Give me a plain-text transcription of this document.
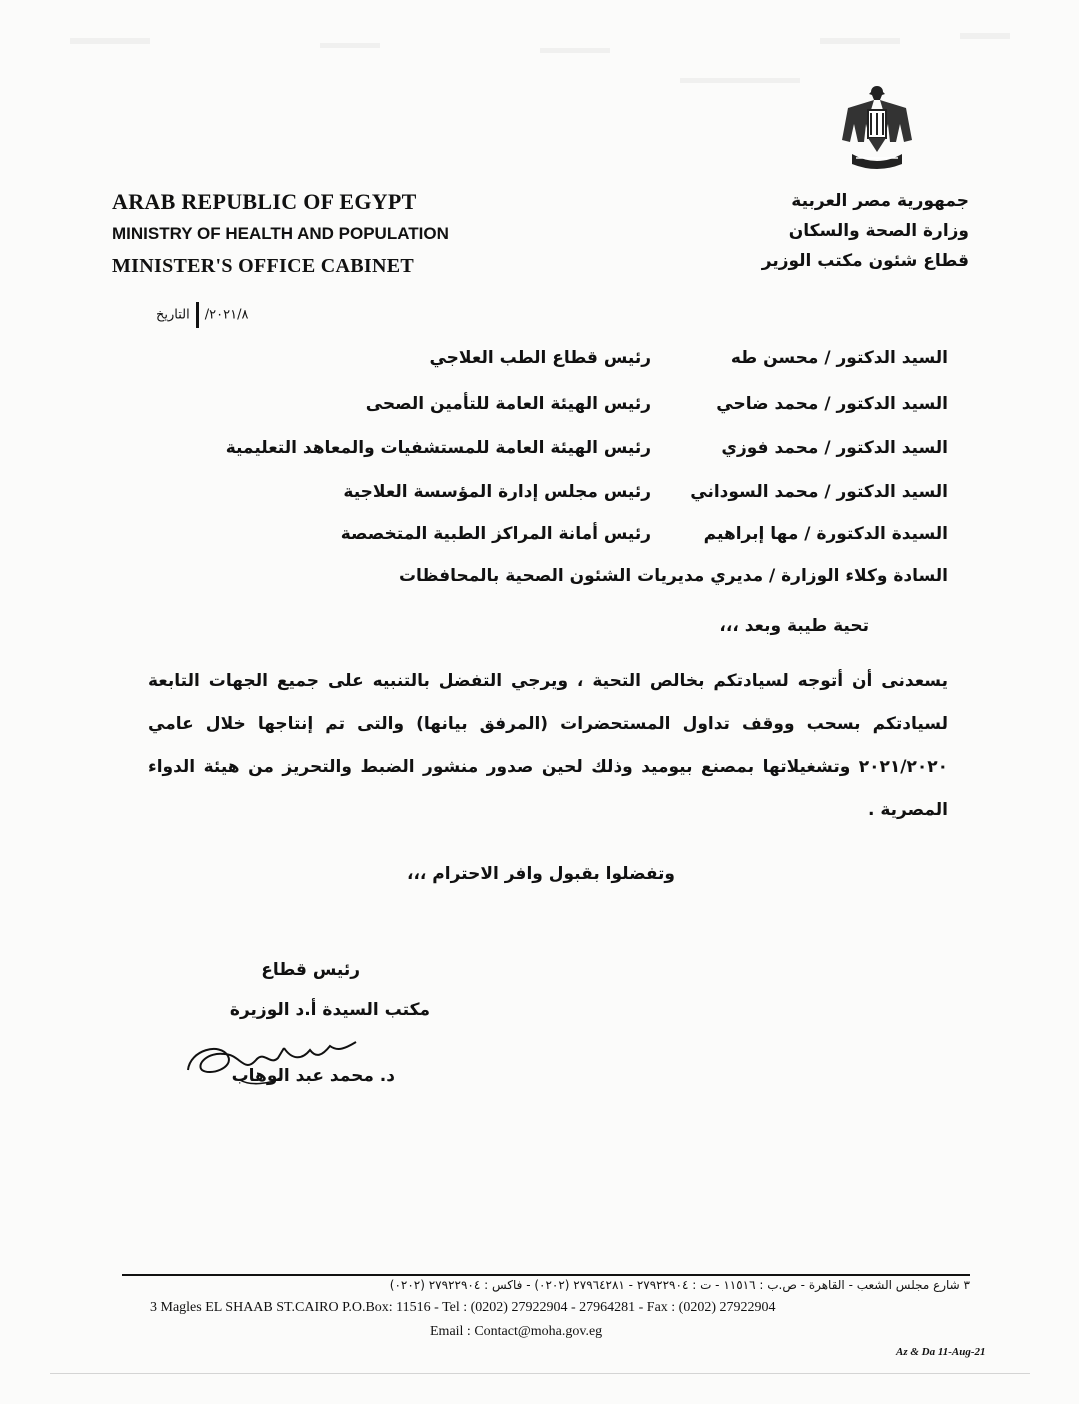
ARAB REPUBLIC OF EGYPT
MINISTRY OF HEALTH AND POPULATION
MINISTER'S OFFICE CABINET
جمهورية مصر العربية
وزارة الصحة والسكان
قطاع شئون مكتب الوزير
٢٠٢١/٨/التاريخ
السيد الدكتور / محسن طه
رئيس قطاع الطب العلاجي
السيد الدكتور / محمد ضاحي
رئيس الهيئة العامة للتأمين الصحى
السيد الدكتور / محمد فوزي
رئيس الهيئة العامة للمستشفيات والمعاهد التعليمية
السيد الدكتور / محمد السوداني
رئيس مجلس إدارة المؤسسة العلاجية
السيدة الدكتورة / مها إبراهيم
رئيس أمانة المراكز الطبية المتخصصة
السادة وكلاء الوزارة / مديري مديريات الشئون الصحية بالمحافظات
تحية طيبة وبعد ،،،
يسعدنى أن أتوجه لسيادتكم بخالص التحية ، ويرجي التفضل بالتنبيه على جميع الجهات التابعة لسيادتكم بسحب ووقف تداول المستحضرات (المرفق بيانها) والتى تم إنتاجها خلال عامي ٢٠٢١/٢٠٢٠ وتشغيلاتها بمصنع بيوميد وذلك لحين صدور منشور الضبط والتحريز من هيئة الدواء المصرية .
وتفضلوا بقبول وافر الاحترام ،،،
رئيس قطاع
مكتب السيدة أ.د الوزيرة
د. محمد عبد الوهاب
٣ شارع مجلس الشعب - القاهرة - ص.ب : ١١٥١٦ - ت : ٢٧٩٢٢٩٠٤ - ٢٧٩٦٤٢٨١ (٠٢٠٢) - فاكس : ٢٧٩٢٢٩٠٤ (٠٢٠٢)
3 Magles EL SHAAB ST.CAIRO P.O.Box: 11516 - Tel : (0202) 27922904 - 27964281 - Fax : (0202) 27922904
Email : Contact@moha.gov.eg
Az & Da 11-Aug-21
